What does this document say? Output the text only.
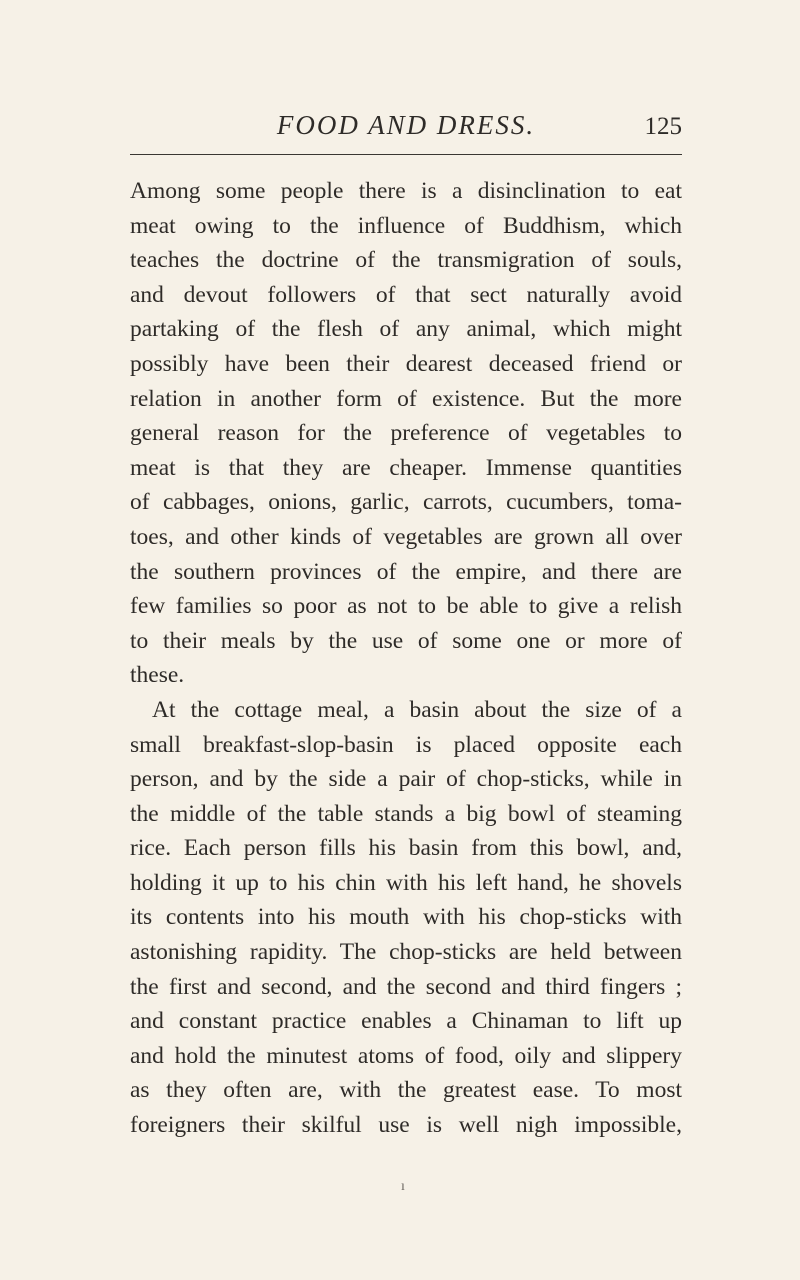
FOOD AND DRESS.	125
Among some people there is a disinclination to eat
meat owing to the influence of Buddhism, which
teaches the doctrine of the transmigration of souls,
and devout followers of that sect naturally avoid
partaking of the flesh of any animal, which might
possibly have been their dearest deceased friend or
relation in another form of existence. But the more
general reason for the preference of vegetables to
meat is that they are cheaper. Immense quantities
of cabbages, onions, garlic, carrots, cucumbers, toma-
toes, and other kinds of vegetables are grown all over
the southern provinces of the empire, and there are
few families so poor as not to be able to give a relish
to their meals by the use of some one or more of
these.
At the cottage meal, a basin about the size of a
small breakfast-slop-basin is placed opposite each
person, and by the side a pair of chop-sticks, while in
the middle of the table stands a big bowl of steaming
rice. Each person fills his basin from this bowl, and,
holding it up to his chin with his left hand, he shovels
its contents into his mouth with his chop-sticks with
astonishing rapidity. The chop-sticks are held between
the first and second, and the second and third fingers ;
and constant practice enables a Chinaman to lift up
and hold the minutest atoms of food, oily and slippery
as they often are, with the greatest ease. To most
foreigners their skilful use is well nigh impossible,
ı
